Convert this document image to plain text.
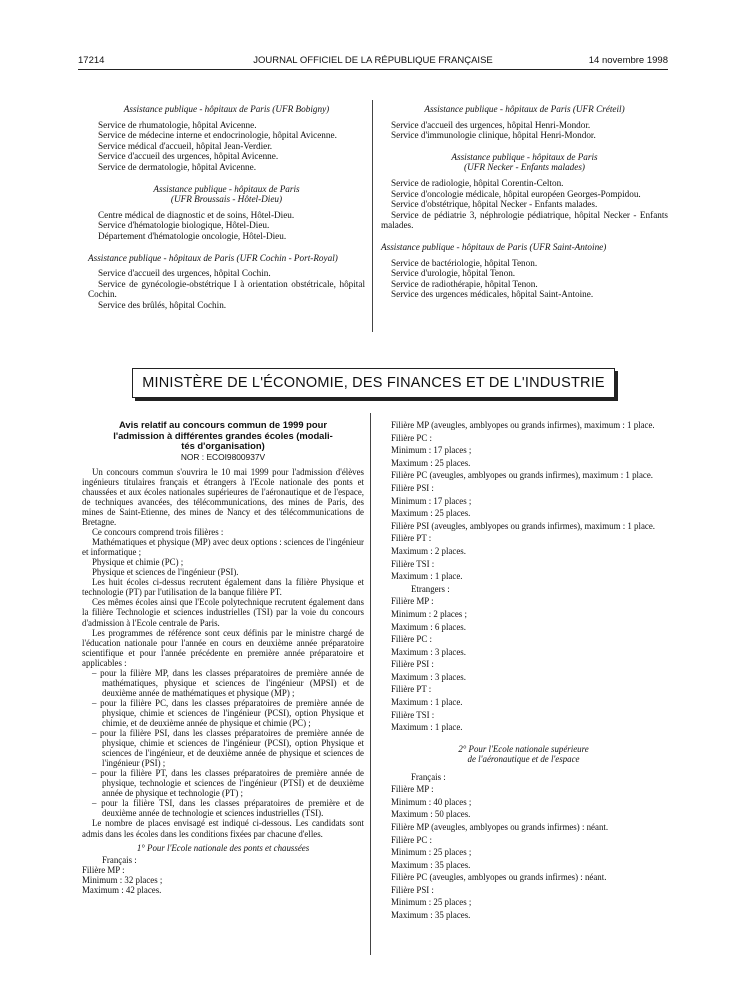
17214	JOURNAL OFFICIEL DE LA RÉPUBLIQUE FRANÇAISE	14 novembre 1998

Assistance publique - hôpitaux de Paris (UFR Bobigny)

Service de rhumatologie, hôpital Avicenne.

Service de médecine interne et endocrinologie, hôpital Avicenne.

Service médical d'accueil, hôpital Jean-Verdier.

Service d'accueil des urgences, hôpital Avicenne.

Service de dermatologie, hôpital Avicenne.

Assistance publique - hôpitaux de Paris

(UFR Broussais - Hôtel-Dieu)

Centre médical de diagnostic et de soins, Hôtel-Dieu.

Service d'hématologie biologique, Hôtel-Dieu.

Département d'hématologie oncologie, Hôtel-Dieu.

Assistance publique - hôpitaux de Paris (UFR Cochin - Port-Royal)

Service d'accueil des urgences, hôpital Cochin.

Service de gynécologie-obstétrique I à orientation obstétricale, hôpital Cochin.

Service des brûlés, hôpital Cochin.

Assistance publique - hôpitaux de Paris (UFR Créteil)

Service d'accueil des urgences, hôpital Henri-Mondor.

Service d'immunologie clinique, hôpital Henri-Mondor.

Assistance publique - hôpitaux de Paris

(UFR Necker - Enfants malades)

Service de radiologie, hôpital Corentin-Celton.

Service d'oncologie médicale, hôpital européen Georges-Pompidou.

Service d'obstétrique, hôpital Necker - Enfants malades.

Service de pédiatrie 3, néphrologie pédiatrique, hôpital Necker - Enfants malades.

Assistance publique - hôpitaux de Paris (UFR Saint-Antoine)

Service de bactériologie, hôpital Tenon.

Service d'urologie, hôpital Tenon.

Service de radiothérapie, hôpital Tenon.

Service des urgences médicales, hôpital Saint-Antoine.

MINISTÈRE DE L'ÉCONOMIE, DES FINANCES ET DE L'INDUSTRIE

Avis relatif au concours commun de 1999 pour

l'admission à différentes grandes écoles (modali-

tés d'organisation)

NOR : ECOI9800937V

Un concours commun s'ouvrira le 10 mai 1999 pour l'admission d'élèves ingénieurs titulaires français et étrangers à l'Ecole nationale des ponts et chaussées et aux écoles nationales supérieures de l'aéronautique et de l'espace, de techniques avancées, des télécommunications, des mines de Paris, des mines de Saint-Etienne, des mines de Nancy et des télécommunications de Bretagne.

Ce concours comprend trois filières :

Mathématiques et physique (MP) avec deux options : sciences de l'ingénieur et informatique ;

Physique et chimie (PC) ;

Physique et sciences de l'ingénieur (PSI).

Les huit écoles ci-dessus recrutent également dans la filière Physique et technologie (PT) par l'utilisation de la banque filière PT.

Ces mêmes écoles ainsi que l'Ecole polytechnique recrutent également dans la filière Technologie et sciences industrielles (TSI) par la voie du concours d'admission à l'Ecole centrale de Paris.

Les programmes de référence sont ceux définis par le ministre chargé de l'éducation nationale pour l'année en cours en deuxième année préparatoire scientifique et pour l'année précédente en première année préparatoire et applicables :

– pour la filière MP, dans les classes préparatoires de première année de mathématiques, physique et sciences de l'ingénieur (MPSI) et de deuxième année de mathématiques et physique (MP) ;

– pour la filière PC, dans les classes préparatoires de première année de physique, chimie et sciences de l'ingénieur (PCSI), option Physique et chimie, et de deuxième année de physique et chimie (PC) ;

– pour la filière PSI, dans les classes préparatoires de première année de physique, chimie et sciences de l'ingénieur (PCSI), option Physique et sciences de l'ingénieur, et de deuxième année de physique et sciences de l'ingénieur (PSI) ;

– pour la filière PT, dans les classes préparatoires de première année de physique, technologie et sciences de l'ingénieur (PTSI) et de deuxième année de physique et technologie (PT) ;

– pour la filière TSI, dans les classes préparatoires de première et de deuxième année de technologie et sciences industrielles (TSI).

Le nombre de places envisagé est indiqué ci-dessous. Les candidats sont admis dans les écoles dans les conditions fixées par chacune d'elles.

1° Pour l'Ecole nationale des ponts et chaussées

Français :

Filière MP :

Minimum : 32 places ;

Maximum : 42 places.

Filière MP (aveugles, amblyopes ou grands infirmes), maximum : 1 place.

Filière PC :

Minimum : 17 places ;

Maximum : 25 places.

Filière PC (aveugles, amblyopes ou grands infirmes), maximum : 1 place.

Filière PSI :

Minimum : 17 places ;

Maximum : 25 places.

Filière PSI (aveugles, amblyopes ou grands infirmes), maximum : 1 place.

Filière PT :

Maximum : 2 places.

Filière TSI :

Maximum : 1 place.

Etrangers :

Filière MP :

Minimum : 2 places ;

Maximum : 6 places.

Filière PC :

Maximum : 3 places.

Filière PSI :

Maximum : 3 places.

Filière PT :

Maximum : 1 place.

Filière TSI :

Maximum : 1 place.

2° Pour l'Ecole nationale supérieure

de l'aéronautique et de l'espace

Français :

Filière MP :

Minimum : 40 places ;

Maximum : 50 places.

Filière MP (aveugles, amblyopes ou grands infirmes) : néant.

Filière PC :

Minimum : 25 places ;

Maximum : 35 places.

Filière PC (aveugles, amblyopes ou grands infirmes) : néant.

Filière PSI :

Minimum : 25 places ;

Maximum : 35 places.
